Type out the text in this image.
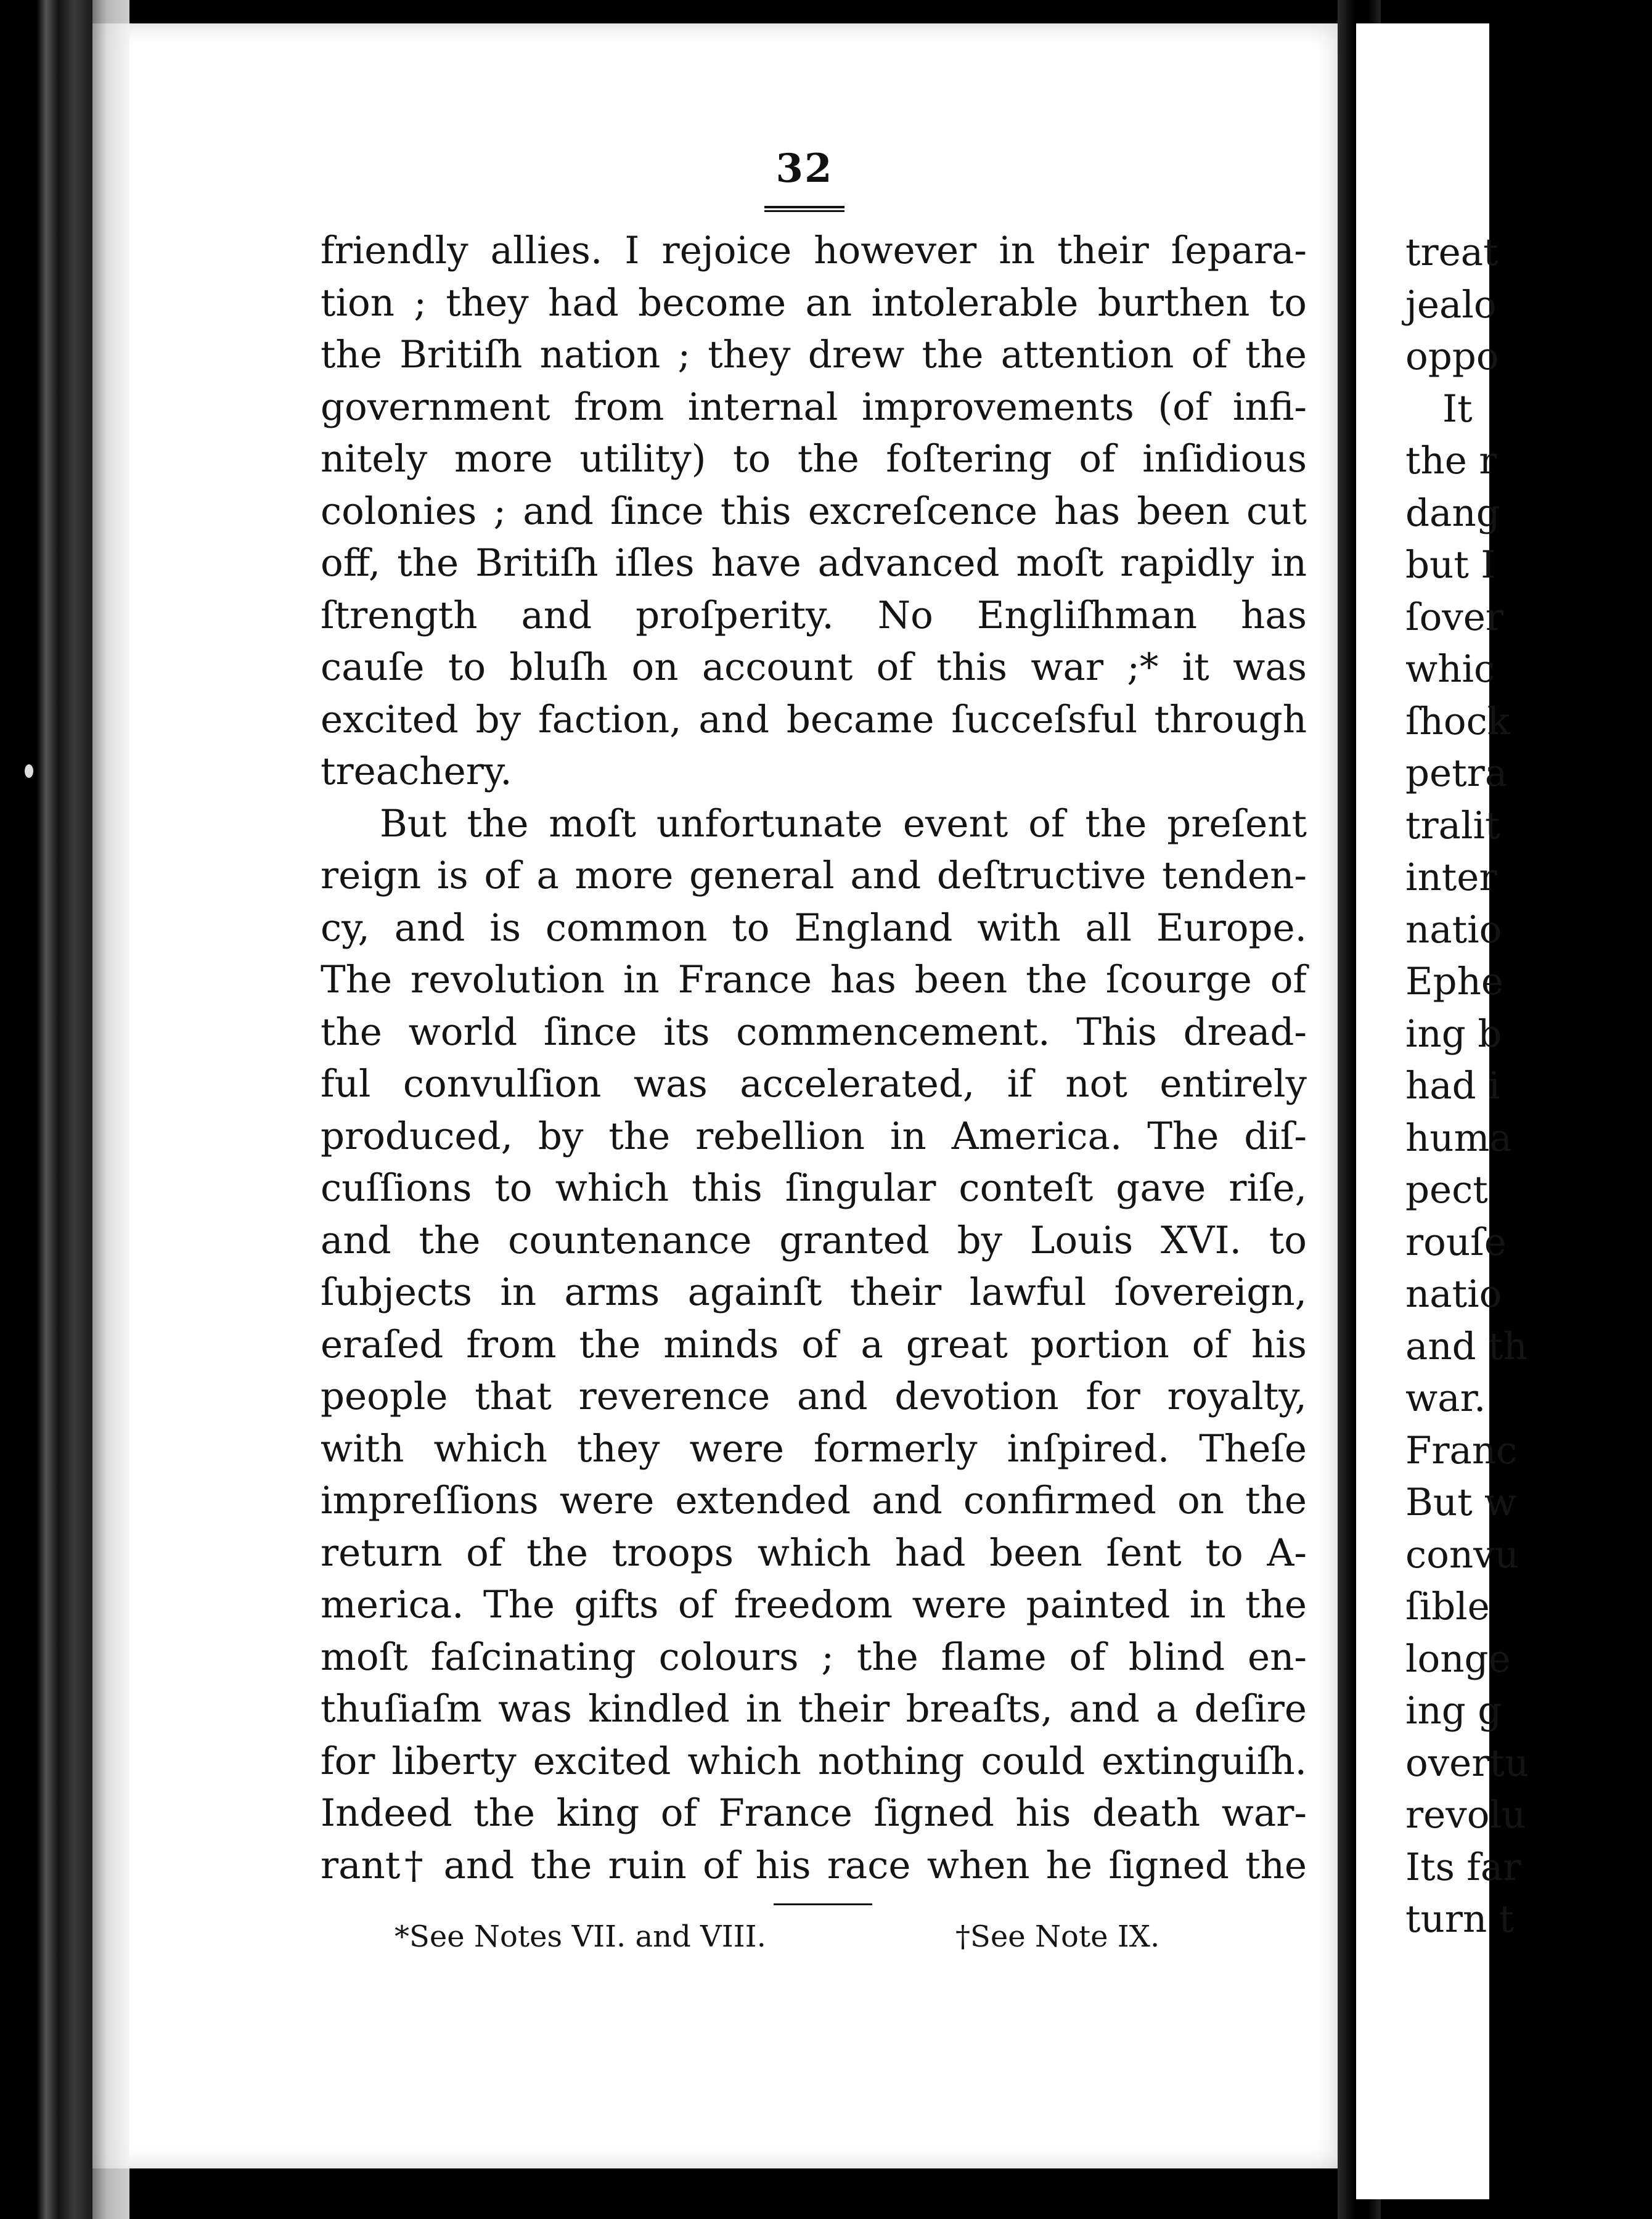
32
friendly allies. I rejoice however in their ſepara-
tion ; they had become an intolerable burthen to
the Britiſh nation ; they drew the attention of the
government from internal improvements (of infi-
nitely more utility) to the foſtering of inſidious
colonies ; and ſince this excreſcence has been cut
off, the Britiſh iſles have advanced moſt rapidly in
ſtrength and proſperity. No Engliſhman has
cauſe to bluſh on account of this war ;* it was
excited by faction, and became ſucceſsful through
treachery.
But the moſt unfortunate event of the preſent
reign is of a more general and deſtructive tenden-
cy, and is common to England with all Europe.
The revolution in France has been the ſcourge of
the world ſince its commencement. This dread-
ful convulſion was accelerated, if not entirely
produced, by the rebellion in America. The diſ-
cuſſions to which this ſingular conteſt gave riſe,
and the countenance granted by Louis XVI. to
ſubjects in arms againſt their lawful ſovereign,
eraſed from the minds of a great portion of his
people that reverence and devotion for royalty,
with which they were formerly inſpired. Theſe
impreſſions were extended and confirmed on the
return of the troops which had been ſent to A-
merica. The gifts of freedom were painted in the
moſt faſcinating colours ; the flame of blind en-
thuſiaſm was kindled in their breaſts, and a deſire
for liberty excited which nothing could extinguiſh.
Indeed the king of France ſigned his death war-
rant† and the ruin of his race when he ſigned the
*See Notes VII. and VIII.	†See Note IX.
treat
jealo
oppo
It
the r
dang
but I
ſover
whic
ſhock
petra
tralit
inter
natio
Ephe
ing b
had i
huma
pect
rouſe
natio
and th
war.
Franc
But w
convu
ſible
longe
ing g
overtu
revolu
Its far
turn t
